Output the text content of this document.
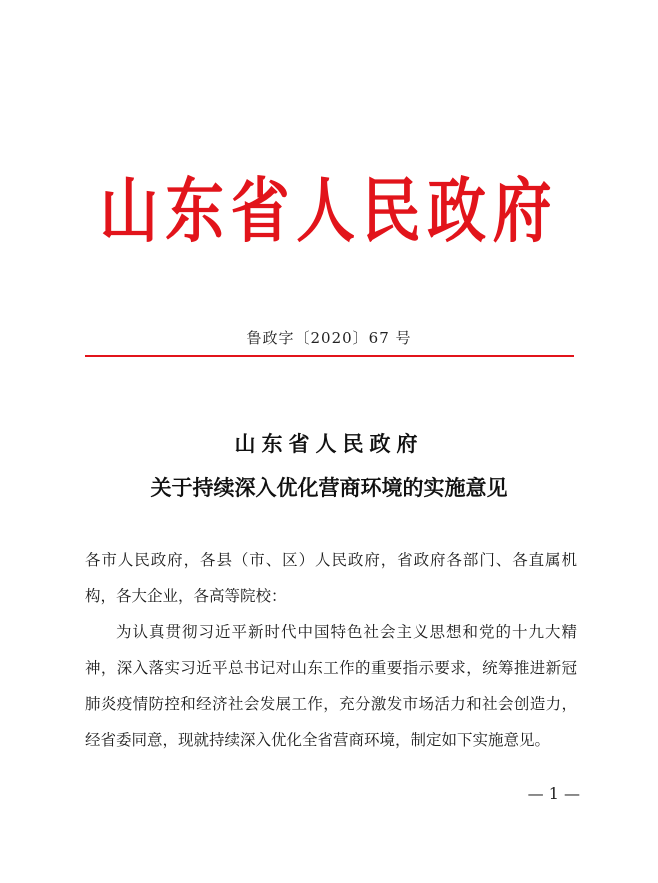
山东省人民政府
鲁政字〔2020〕67 号
山东省人民政府
关于持续深入优化营商环境的实施意见

各市人民政府，各县（市、区）人民政府，省政府各部门、各直属机构，各大企业，各高等院校：

为认真贯彻习近平新时代中国特色社会主义思想和党的十九大精神，深入落实习近平总书记对山东工作的重要指示要求，统筹推进新冠肺炎疫情防控和经济社会发展工作，充分激发市场活力和社会创造力，经省委同意，现就持续深入优化全省营商环境，制定如下实施意见。

— 1 —
